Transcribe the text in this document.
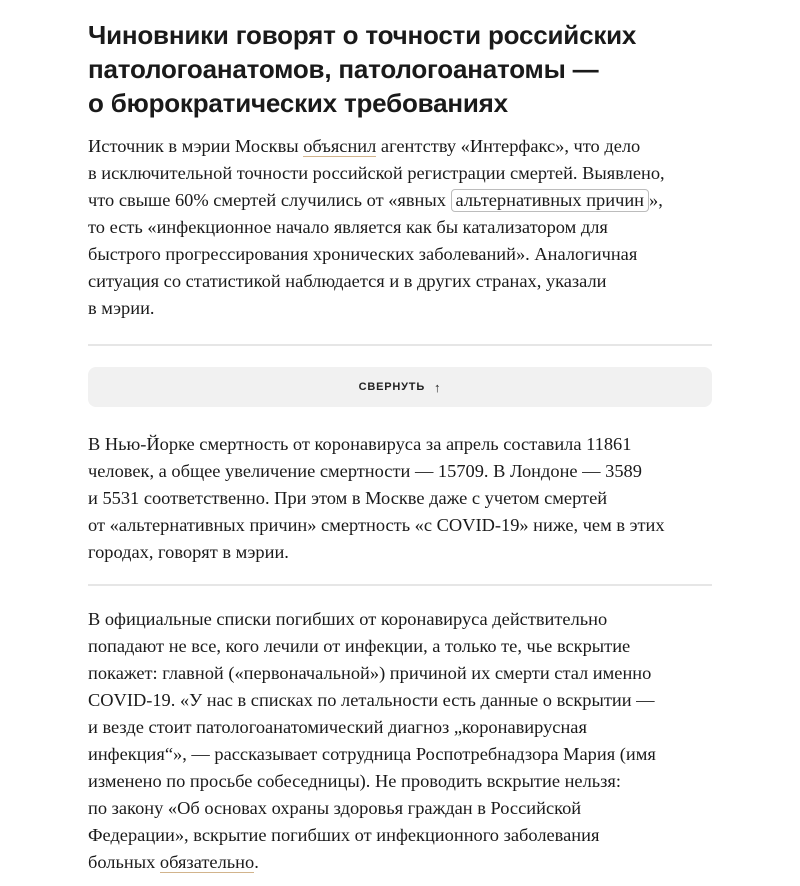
Чиновники говорят о точности российских
патологоанатомов, патологоанатомы —
о бюрократических требованиях
Источник в мэрии Москвы объяснил агентству «Интерфакс», что дело
в исключительной точности российской регистрации смертей. Выявлено,
что свыше 60% смертей случились от «явных альтернативных причин »,
то есть «инфекционное начало является как бы катализатором для
быстрого прогрессирования хронических заболеваний». Аналогичная
ситуация со статистикой наблюдается и в других странах, указали
в мэрии.
СВЕРНУТЬ ↑
В Нью-Йорке смертность от коронавируса за апрель составила 11861
человек, а общее увеличение смертности — 15709. В Лондоне — 3589
и 5531 соответственно. При этом в Москве даже с учетом смертей
от «альтернативных причин» смертность «с COVID-19» ниже, чем в этих
городах, говорят в мэрии.
В официальные списки погибших от коронавируса действительно
попадают не все, кого лечили от инфекции, а только те, чье вскрытие
покажет: главной («первоначальной») причиной их смерти стал именно
COVID-19. «У нас в списках по летальности есть данные о вскрытии —
и везде стоит патологоанатомический диагноз „коронавирусная
инфекция“», — рассказывает сотрудница Роспотребнадзора Мария (имя
изменено по просьбе собеседницы). Не проводить вскрытие нельзя:
по закону «Об основах охраны здоровья граждан в Российской
Федерации», вскрытие погибших от инфекционного заболевания
больных обязательно.
